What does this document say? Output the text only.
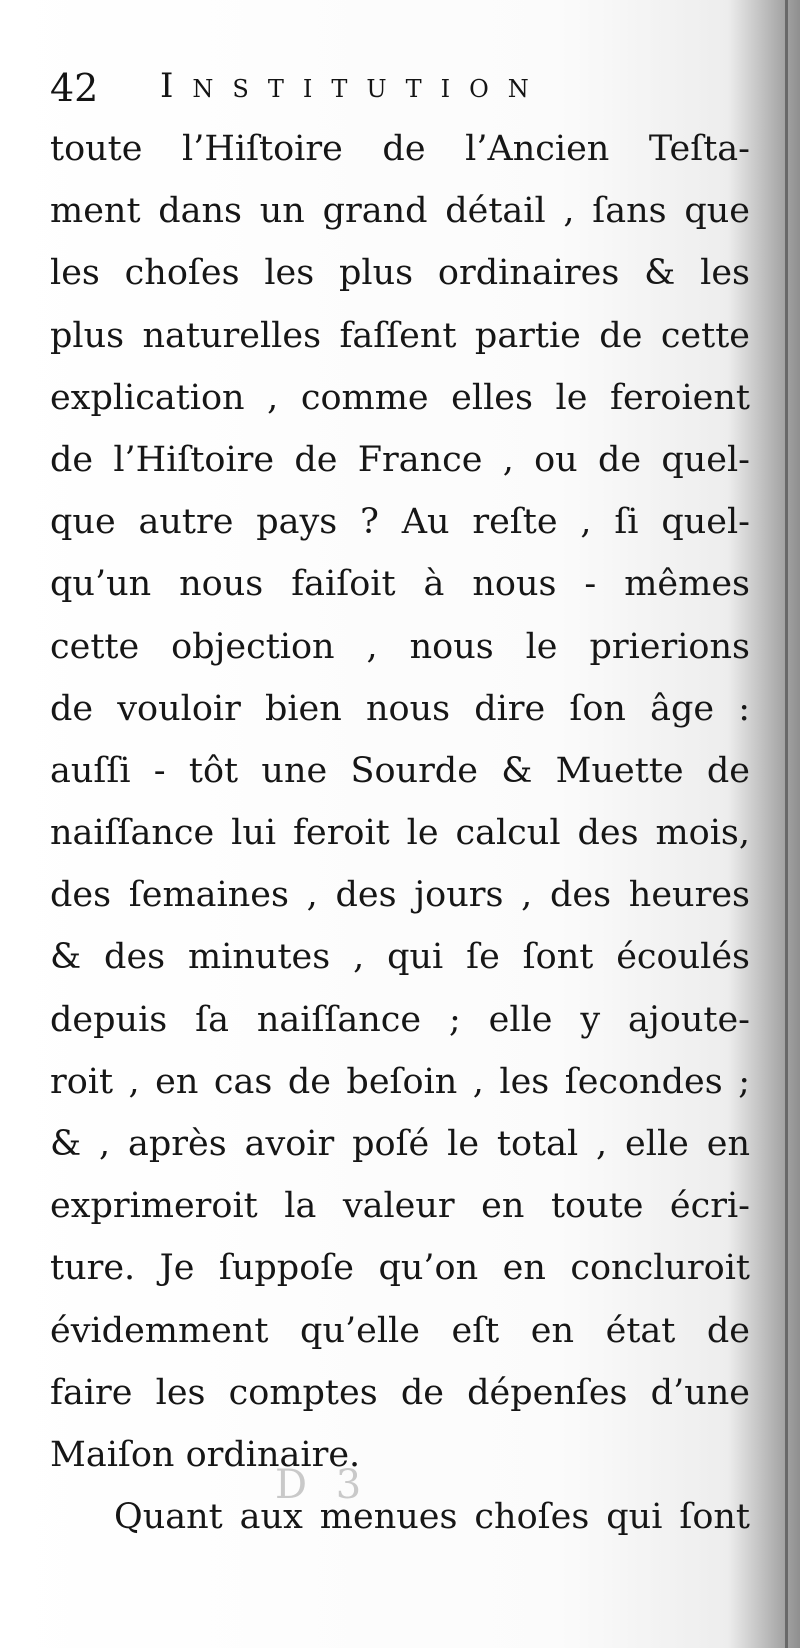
42 Institution
toute l’Hiſtoire de l’Ancien Teſta-
ment dans un grand détail , ſans que
les choſes les plus ordinaires & les
plus naturelles faſſent partie de cette
explication , comme elles le feroient
de l’Hiſtoire de France , ou de quel-
que autre pays ? Au reſte , ſi quel-
qu’un nous faiſoit à nous - mêmes
cette objection , nous le prierions
de vouloir bien nous dire ſon âge :
auſſi - tôt une Sourde & Muette de
naiſſance lui feroit le calcul des mois,
des ſemaines , des jours , des heures
& des minutes , qui ſe ſont écoulés
depuis ſa naiſſance ; elle y ajoute-
roit , en cas de beſoin , les ſecondes ;
& , après avoir poſé le total , elle en
exprimeroit la valeur en toute écri-
ture. Je ſuppoſe qu’on en concluroit
évidemment qu’elle eſt en état de
faire les comptes de dépenſes d’une
Maiſon ordinaire.
Quant aux menues choſes qui ſont
D 3
